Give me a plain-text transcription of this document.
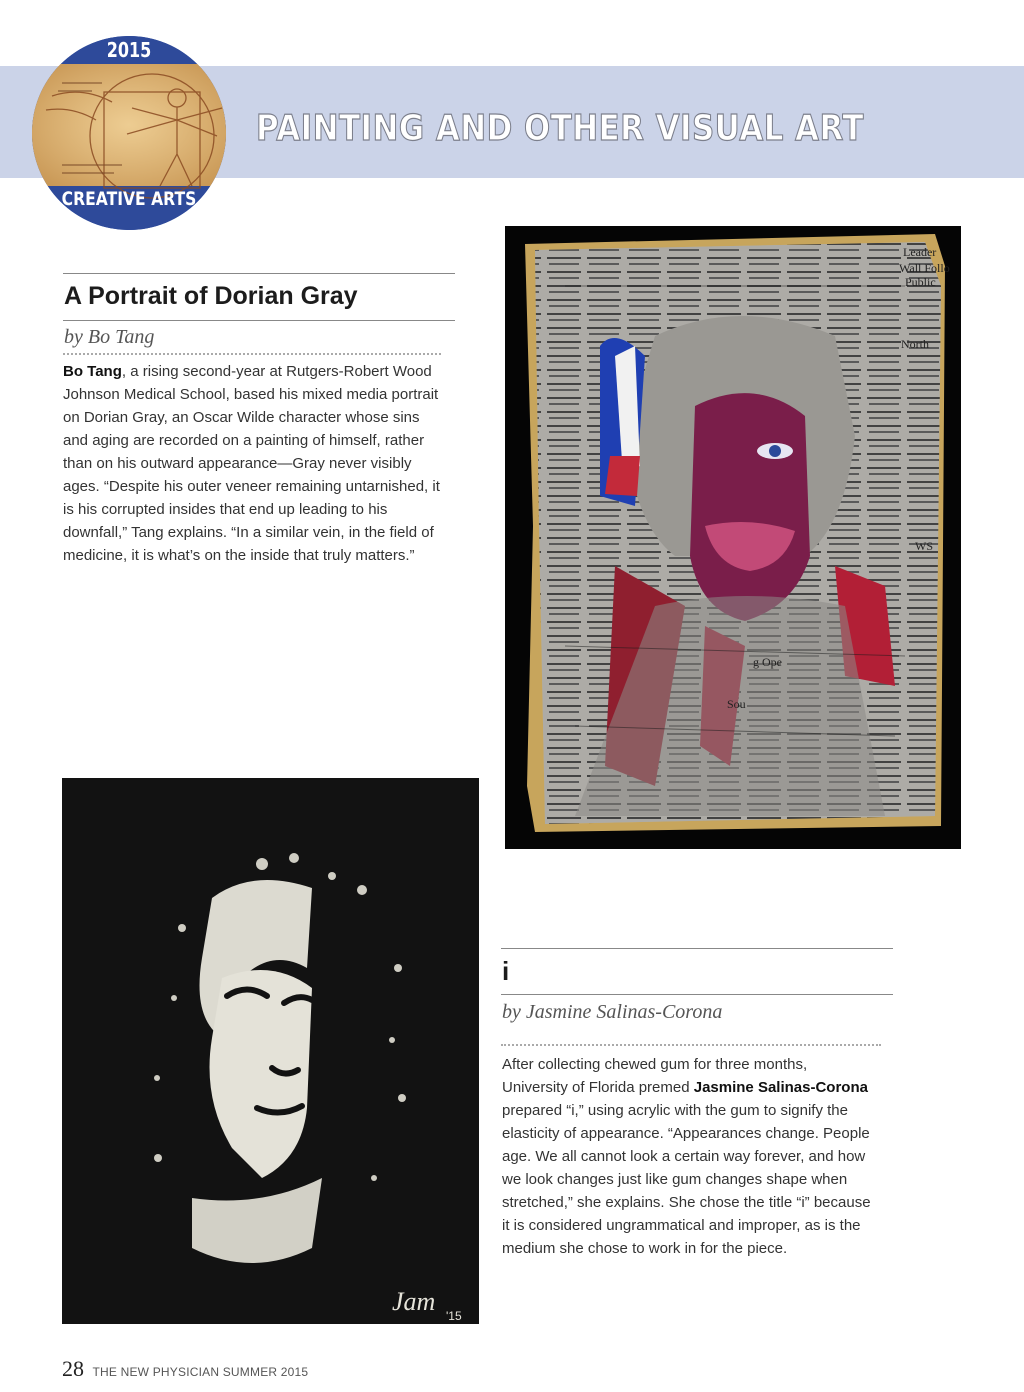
PAINTING AND OTHER VISUAL ART
2015
CREATIVE ARTS
A Portrait of Dorian Gray
by Bo Tang
Bo Tang, a rising second-year at Rutgers-Robert Wood Johnson Medical School, based his mixed media portrait on Dorian Gray, an Oscar Wilde character whose sins and aging are recorded on a painting of himself, rather than on his outward appearance—Gray never visibly ages. “Despite his outer veneer remaining untarnished, it is his corrupted insides that end up leading to his downfall,” Tang explains. “In a similar vein, in the field of medicine, it is what’s on the inside that truly matters.”
Leader
Wall Follo
Public
North
WS
g Ope
Sou
Jam '15
i
by Jasmine Salinas-Corona
After collecting chewed gum for three months, University of Florida premed Jasmine Salinas-Corona prepared “i,” using acrylic with the gum to signify the elasticity of appearance. “Appearances change. People age. We all cannot look a certain way forever, and how we look changes just like gum changes shape when stretched,” she explains. She chose the title “i” because it is considered ungrammatical and improper, as is the medium she chose to work in for the piece.
28 THE NEW PHYSICIAN SUMMER 2015
